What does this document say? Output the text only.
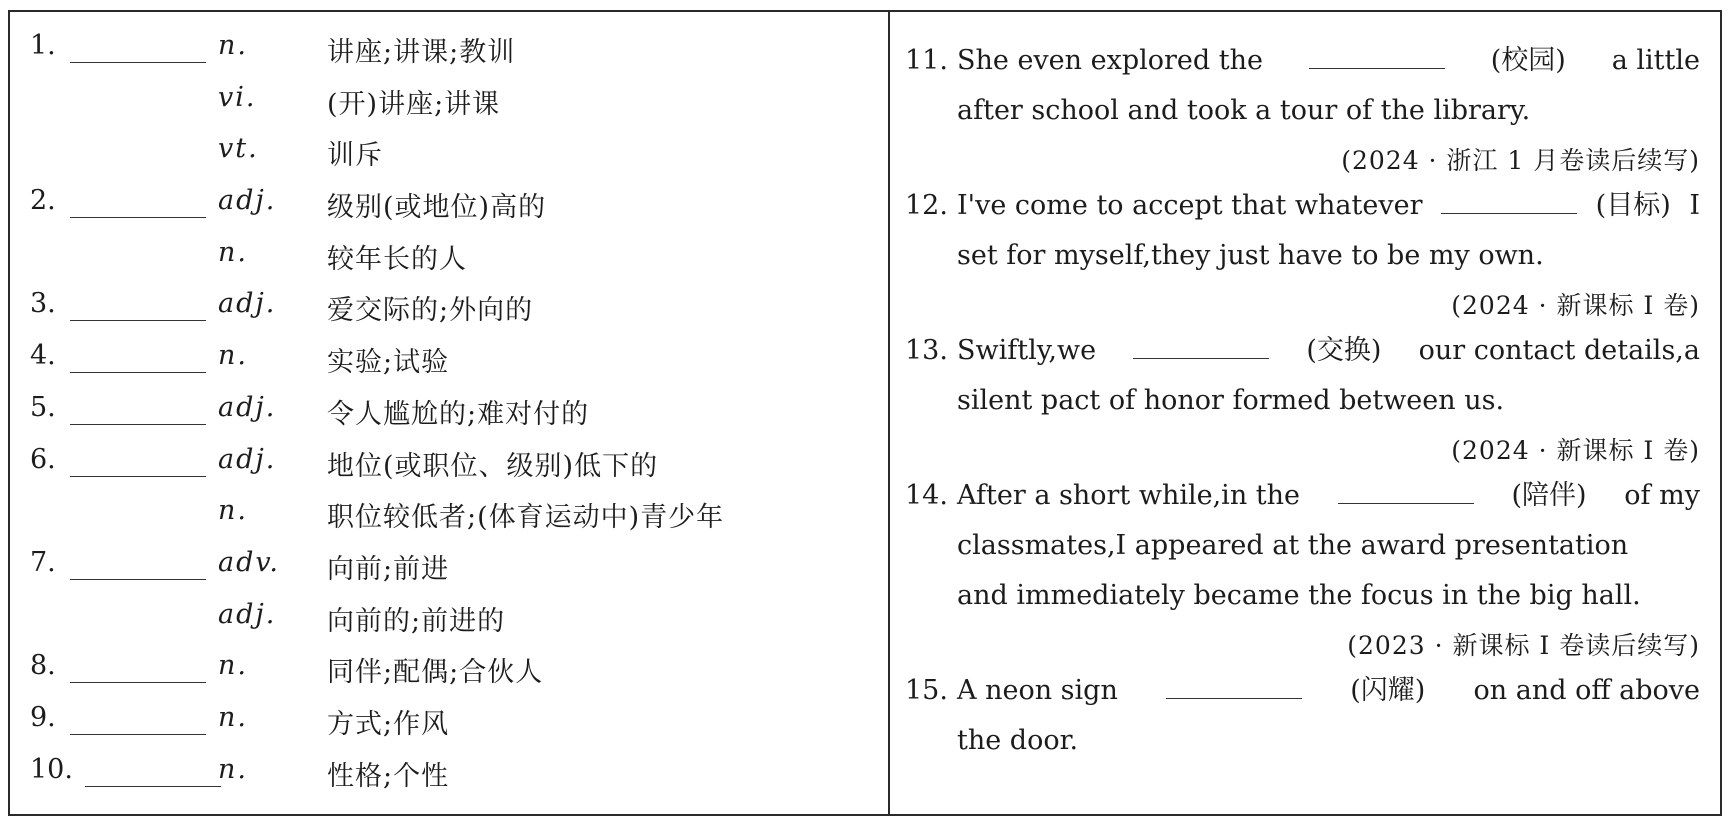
1.	n.	讲座;讲课;教训
vi.	(开)讲座;讲课
vt.	训斥
2.	adj. 级别(或地位)高的
n.	较年长的人
3.	adj. 爱交际的;外向的
4.	n.	实验;试验
5.	adj. 令人尴尬的;难对付的
6.	adj. 地位(或职位、级别)低下的
n.	职位较低者;(体育运动中)青少年
7.	adv. 向前;前进
adj. 向前的;前进的
8.	n.	同伴;配偶;合伙人
9.	n.	方式;作风
10.	n.	性格;个性
11. She even explored the	(校园) a little
after school and took a tour of the library.
(2024 · 浙江 1 月卷读后续写)
12. I've come to accept that whatever	(目标) I
set for myself,they just have to be my own.
(2024 · 新课标 Ⅰ 卷)
13. Swiftly,we	(交换) our contact details,a
silent pact of honor formed between us.
(2024 · 新课标 Ⅰ 卷)
14. After a short while,in the	(陪伴) of my
classmates,I appeared at the award presentation
and immediately became the focus in the big hall.
(2023 · 新课标 Ⅰ 卷读后续写)
15. A neon sign	(闪耀) on and off above
the door.
